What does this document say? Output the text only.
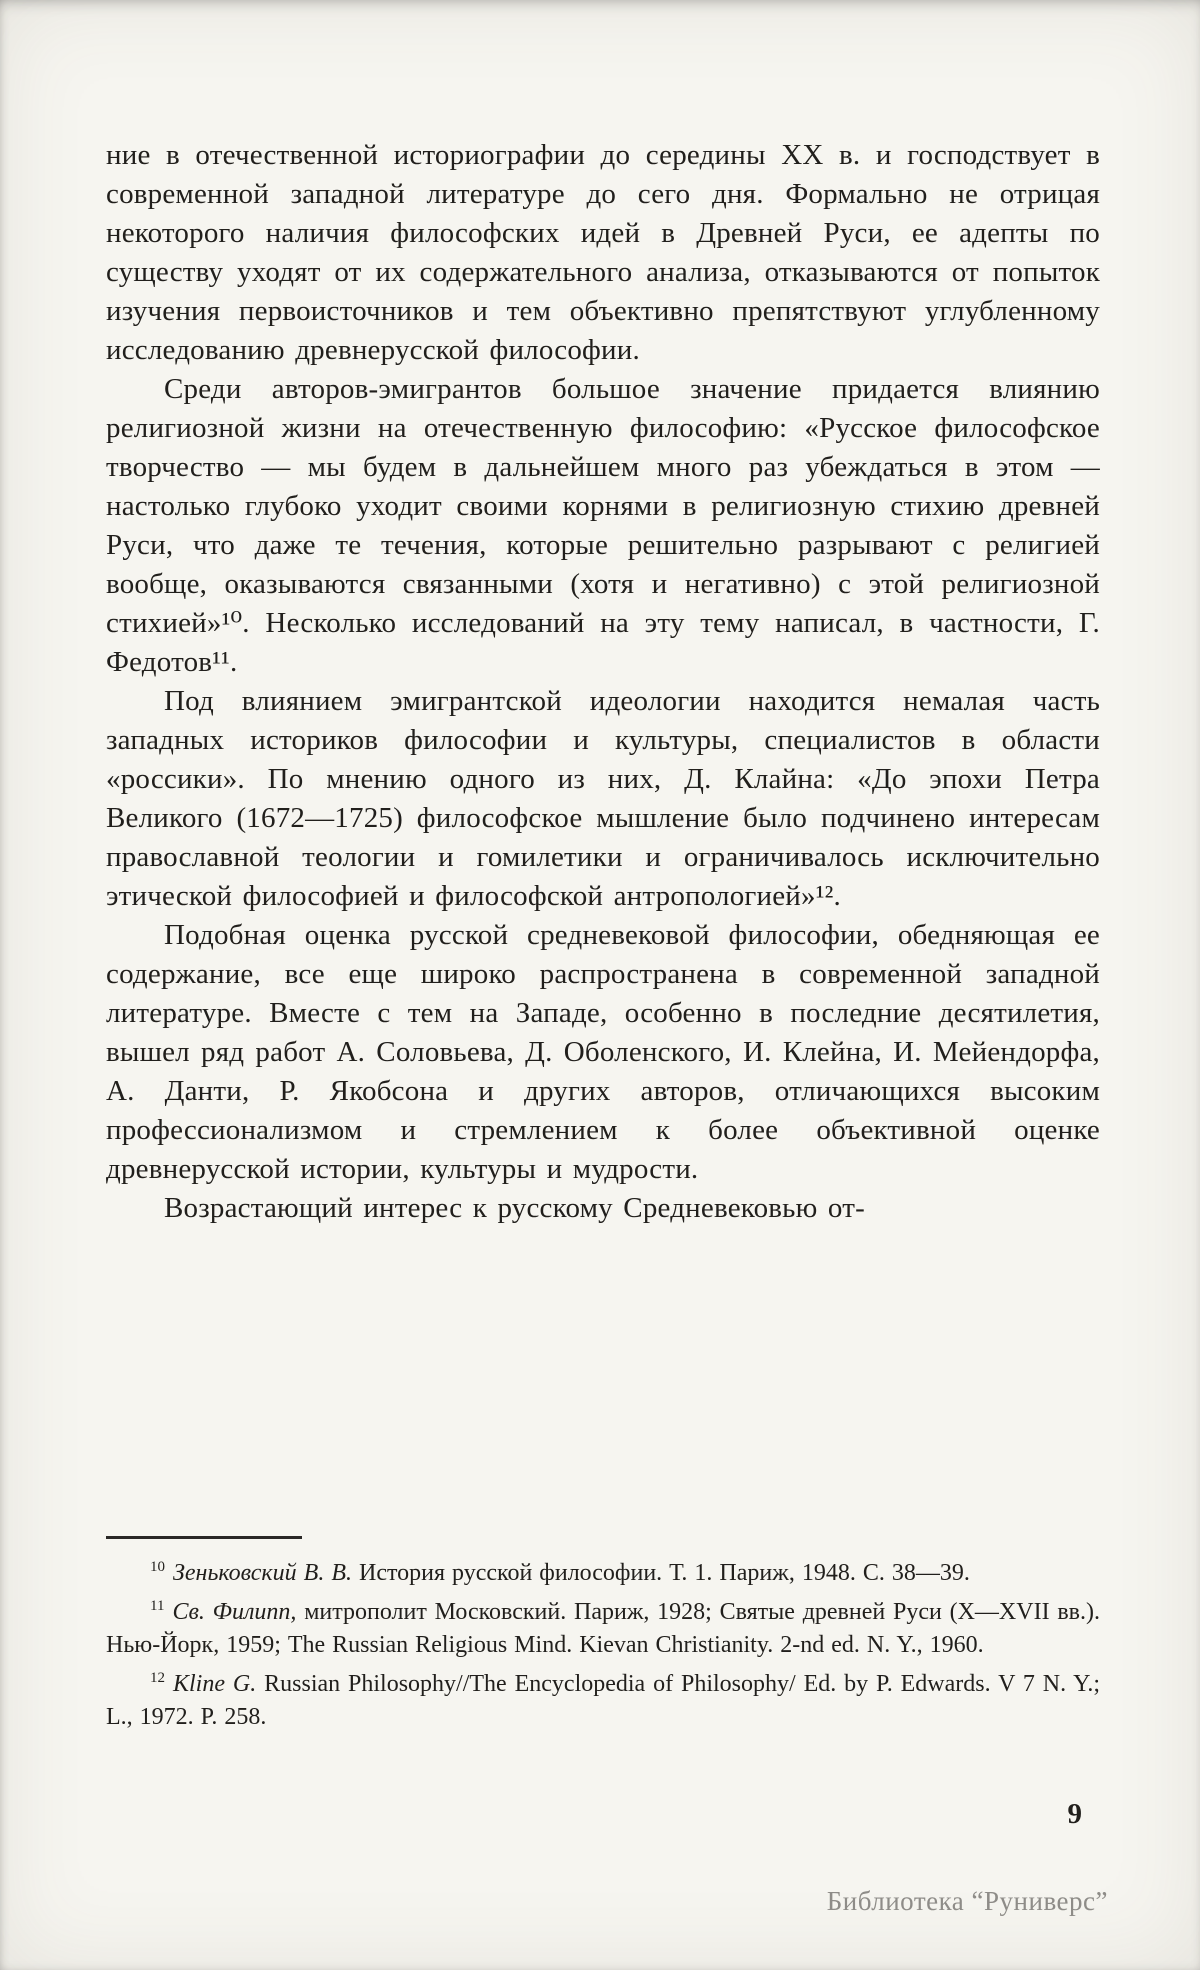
ние в отечественной историографии до середины XX в. и господствует в современной западной литературе до сего дня. Формально не отрицая некоторого наличия философских идей в Древней Руси, ее адепты по существу уходят от их содержательного анализа, отказываются от попыток изучения первоисточников и тем объективно препятствуют углубленному исследованию древнерусской философии.

Среди авторов-эмигрантов большое значение придается влиянию религиозной жизни на отечественную философию: «Русское философское творчество — мы будем в дальнейшем много раз убеждаться в этом — настолько глубоко уходит своими корнями в религиозную стихию древней Руси, что даже те течения, которые решительно разрывают с религией вообще, оказываются связанными (хотя и негативно) с этой религиозной стихией»¹⁰. Несколько исследований на эту тему написал, в частности, Г. Федотов¹¹.

Под влиянием эмигрантской идеологии находится немалая часть западных историков философии и культуры, специалистов в области «россики». По мнению одного из них, Д. Клайна: «До эпохи Петра Великого (1672—1725) философское мышление было подчинено интересам православной теологии и гомилетики и ограничивалось исключительно этической философией и философской антропологией»¹².

Подобная оценка русской средневековой философии, обедняющая ее содержание, все еще широко распространена в современной западной литературе. Вместе с тем на Западе, особенно в последние десятилетия, вышел ряд работ А. Соловьева, Д. Оболенского, И. Клейна, И. Мейендорфа, А. Данти, Р. Якобсона и других авторов, отличающихся высоким профессионализмом и стремлением к более объективной оценке древнерусской истории, культуры и мудрости.

Возрастающий интерес к русскому Средневековью от-

$^{10}$ Зеньковский В. В. История русской философии. Т. 1. Париж, 1948. С. 38—39.

$^{11}$ Св. Филипп, митрополит Московский. Париж, 1928; Святые древней Руси (X—XVII вв.). Нью-Йорк, 1959; The Russian Religious Mind. Kievan Christianity. 2-nd ed. N. Y., 1960.

$^{12}$ Kline G. Russian Philosophy//The Encyclopedia of Philosophy/ Ed. by P. Edwards. V 7 N. Y.; L., 1972. P. 258.

9
Библиотека “Руниверс”
